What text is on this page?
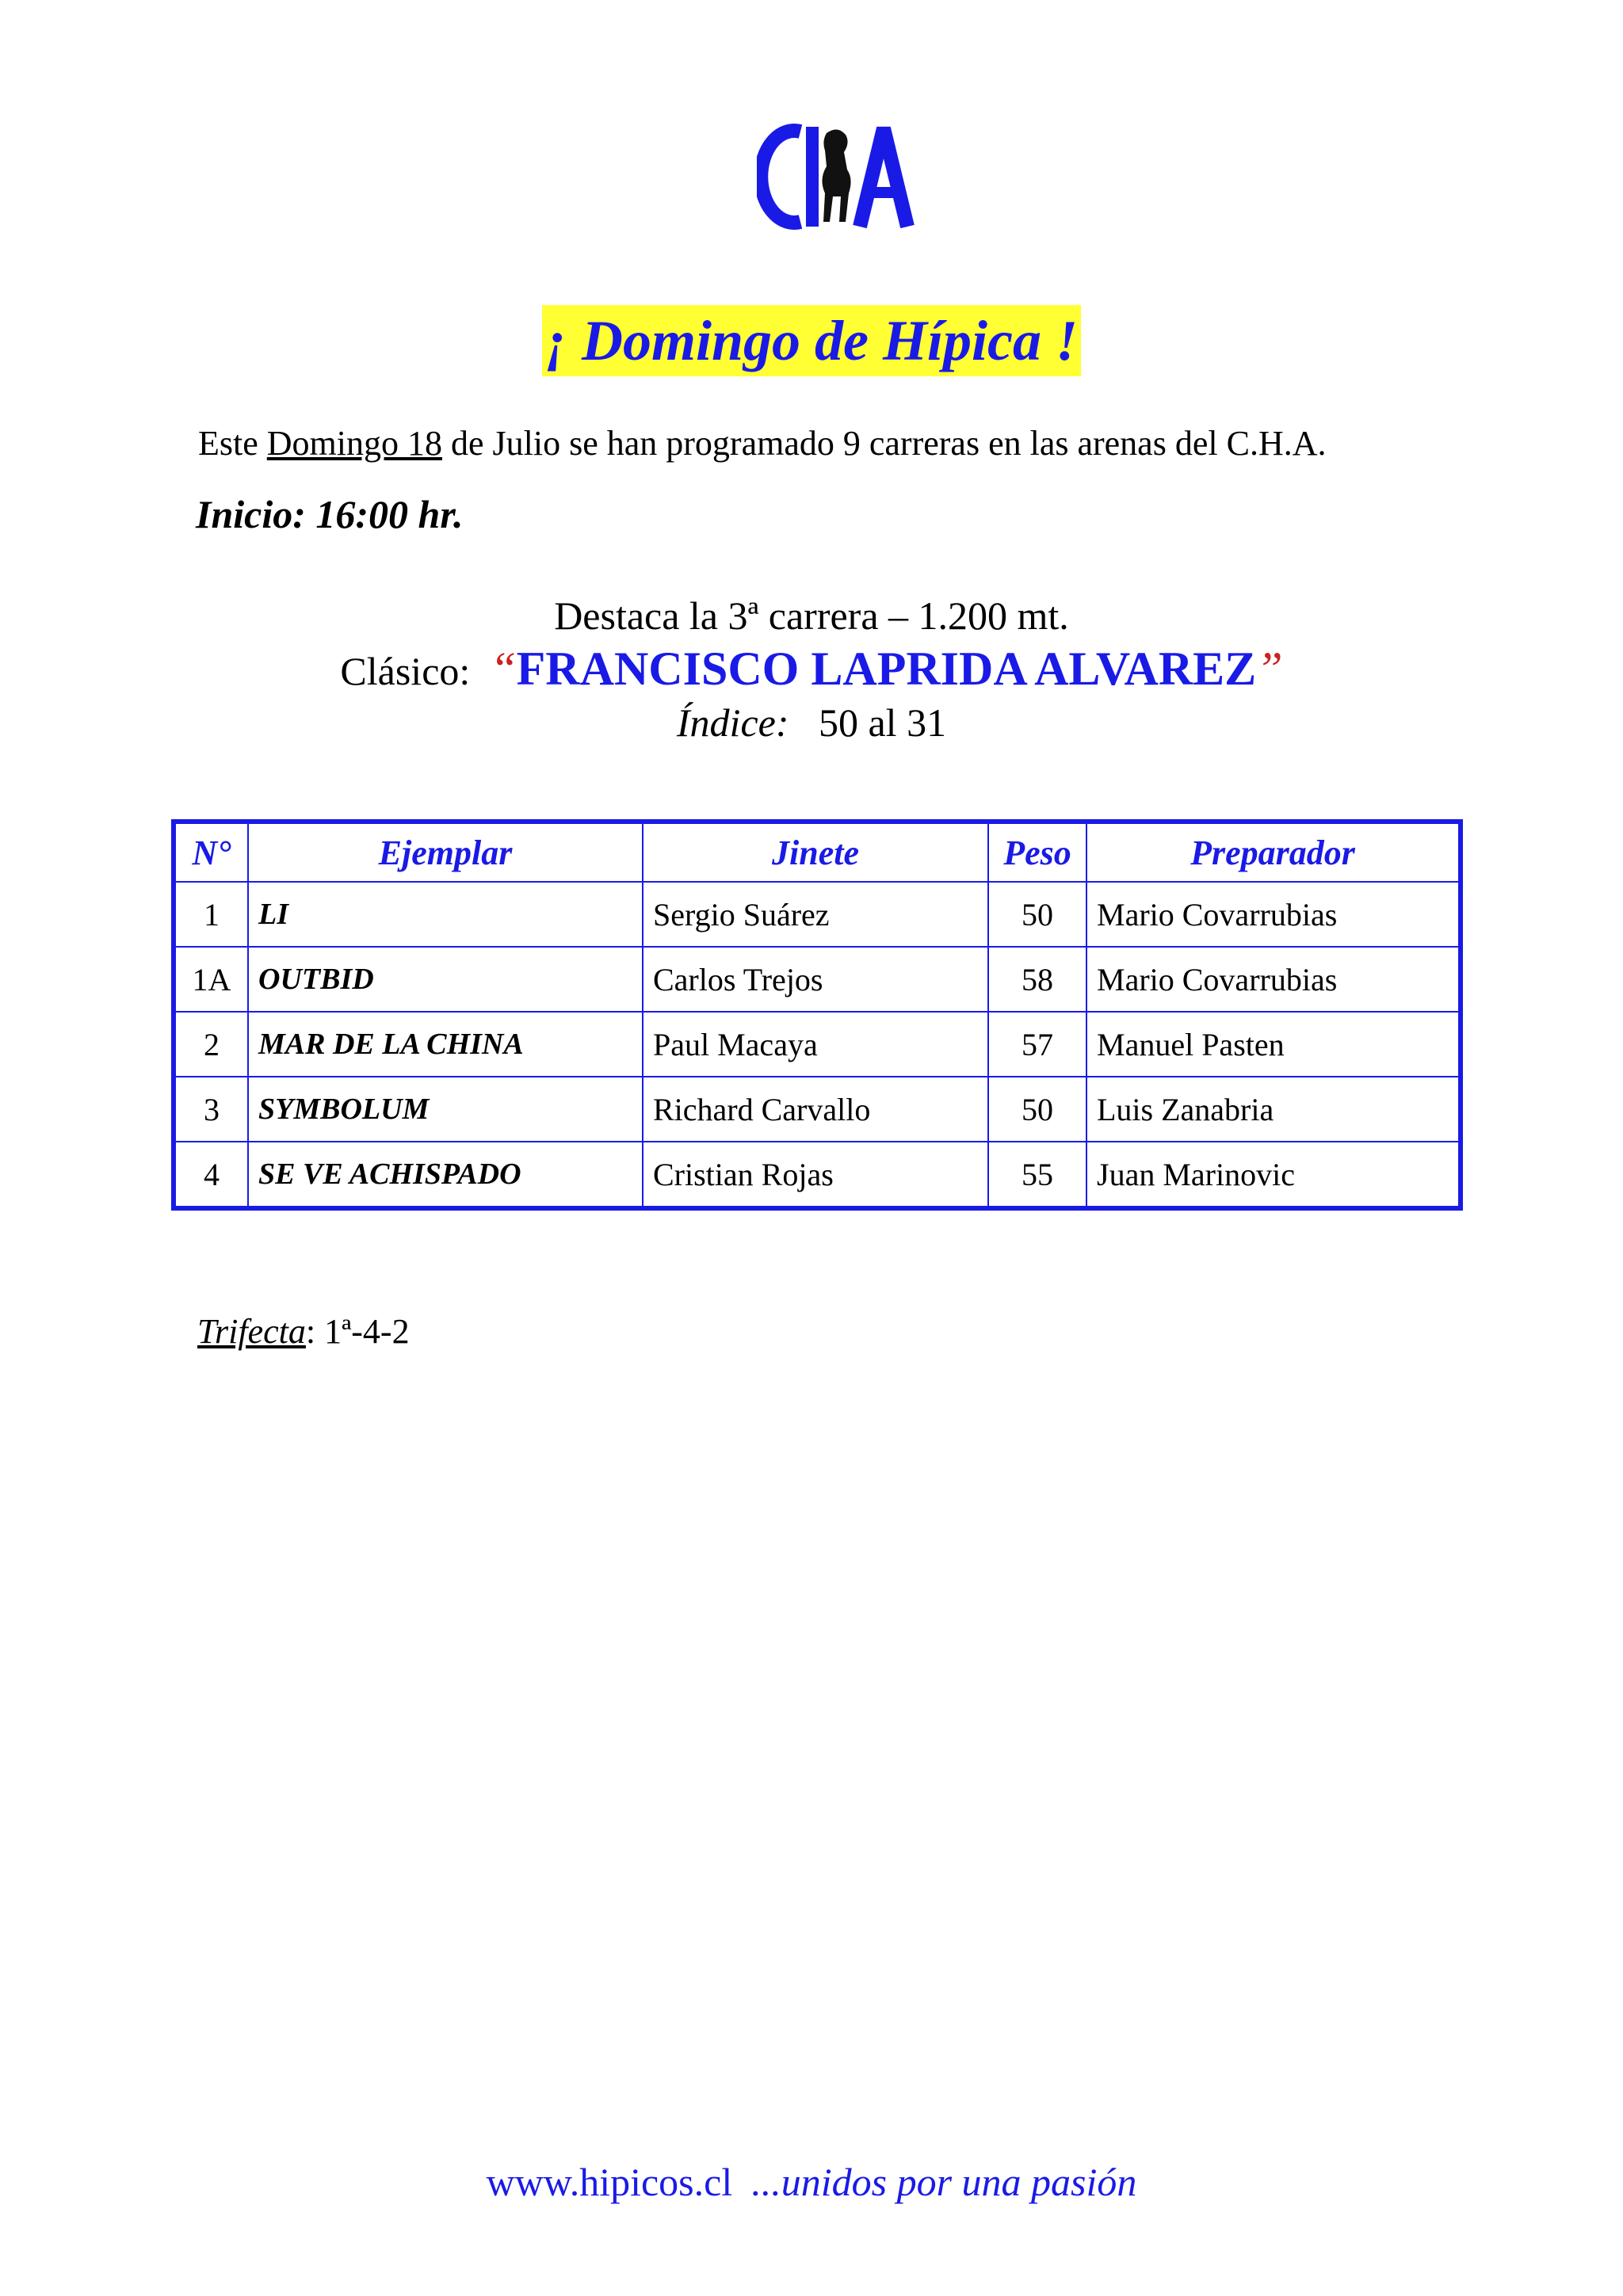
¡ Domingo de Hípica !
Este Domingo 18 de Julio se han programado 9 carreras en las arenas del C.H.A.
Inicio: 16:00 hr.
Destaca la 3ª carrera – 1.200 mt.
Clásico: “FRANCISCO LAPRIDA ALVAREZ”
Índice: 50 al 31
N°	Ejemplar	Jinete	Peso	Preparador
1	LI	Sergio Suárez	50	Mario Covarrubias
1A	OUTBID	Carlos Trejos	58	Mario Covarrubias
2	MAR DE LA CHINA	Paul Macaya	57	Manuel Pasten
3	SYMBOLUM	Richard Carvallo	50	Luis Zanabria
4	SE VE ACHISPADO	Cristian Rojas	55	Juan Marinovic
Trifecta: 1ª-4-2
www.hipicos.cl ...unidos por una pasión
